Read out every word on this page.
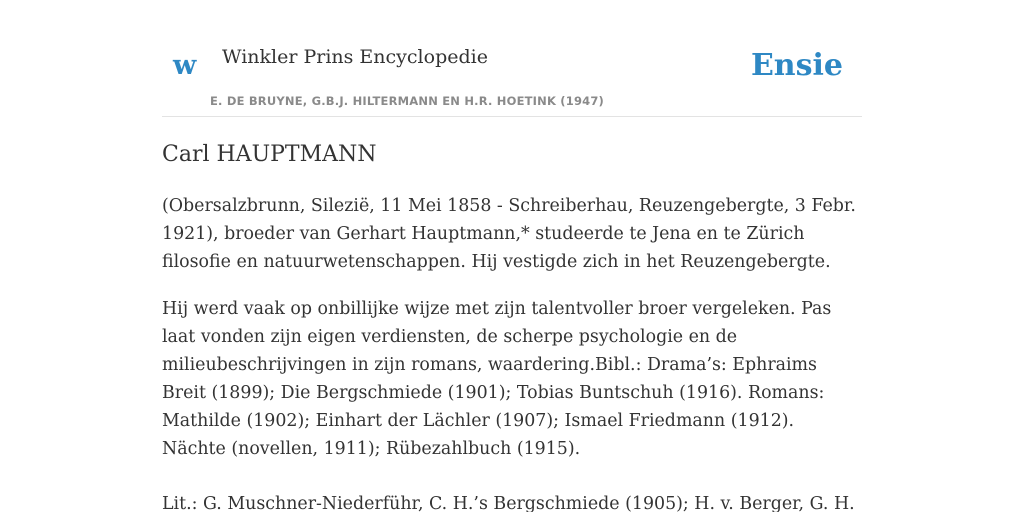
w Winkler Prins Encyclopedie
E. DE BRUYNE, G.B.J. HILTERMANN EN H.R. HOETINK (1947)
Ensie
Carl HAUPTMANN

(Obersalzbrunn, Silezië, 11 Mei 1858 - Schreiberhau, Reuzengebergte, 3 Febr. 1921), broeder van Gerhart Hauptmann,* studeerde te Jena en te Zürich filosofie en natuurwetenschappen. Hij vestigde zich in het Reuzengebergte.

Hij werd vaak op onbillijke wijze met zijn talentvoller broer vergeleken. Pas laat vonden zijn eigen verdiensten, de scherpe psychologie en de milieubeschrijvingen in zijn romans, waardering.Bibl.: Drama’s: Ephraims Breit (1899); Die Bergschmiede (1901); Tobias Buntschuh (1916). Romans: Mathilde (1902); Einhart der Lächler (1907); Ismael Friedmann (1912). Nächte (novellen, 1911); Rübezahlbuch (1915).

Lit.: G. Muschner-Niederführ, C. H.’s Bergschmiede (1905); H. v. Berger, G. H.
